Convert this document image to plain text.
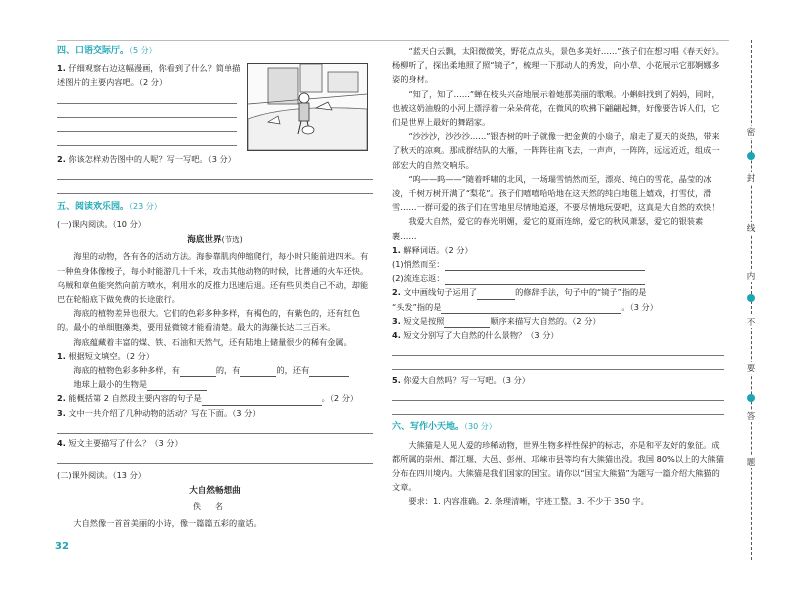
四、口语交际厅。（5 分）

1. 仔细观察右边这幅漫画，你看到了什么？简单描述图片的主要内容吧。（2 分）

2. 你该怎样劝告图中的人呢？写一写吧。（3 分）

五、阅读欢乐园。（23 分）

(一)课内阅读。（10 分）

海底世界(节选)

海里的动物，各有各的活动方法。海参靠肌肉伸缩爬行，每小时只能前进四米。有一种鱼身体像梭子，每小时能游几十千米，攻击其他动物的时候，比普通的火车还快。乌贼和章鱼能突然向前方喷水，利用水的反推力迅速后退。还有些贝类自己不动，却能巴在轮船底下做免费的长途旅行。

海底的植物差异也很大。它们的色彩多种多样，有褐色的，有紫色的，还有红色的。最小的单细胞藻类，要用显微镜才能看清楚。最大的海藻长达二三百米。

海底蕴藏着丰富的煤、铁、石油和天然气，还有陆地上储量很少的稀有金属。

1. 根据短文填空。（2 分）

海底的植物色彩多种多样，有	的，有	的，还有

地球上最小的生物是

2. 能概括第 2 自然段主要内容的句子是	。（2 分）

3. 文中一共介绍了几种动物的活动？写在下面。（3 分）

4. 短文主要描写了什么？（3 分）

(二)课外阅读。（13 分）

大自然畅想曲
佚名

大自然像一首首美丽的小诗，像一篇篇五彩的童话。

“蓝天白云飘，太阳微微笑，野花点点头，景色多美好……”孩子们在想习唱《春天好》。杨柳听了，探出柔地照了照“镜子”，梳理一下那动人的秀发，向小草、小花展示它那婀娜多姿的身材。

“知了，知了……”蝉在枝头兴奋地展示着她那美丽的歌喉。小蝌蚪找到了妈妈，同时，也被这奶油般的小河上漂浮着一朵朵荷花，在微风的吹拂下翩翩起舞，好像要告诉人们，它们是世界上最好的舞蹈家。

“沙沙沙，沙沙沙……”银杏树的叶子就像一把金黄的小扇子，扇走了夏天的炎热，带来了秋天的凉爽。那成群结队的大雁，一阵阵往南飞去，一声声，一阵阵，远远近近，组成一部宏大的自然交响乐。

“呜——呜——”随着呼啸的北风，一场瑞雪悄然而至，漂亮、纯白的雪花，晶莹的冰凌，千树万树开满了“梨花”。孩子们嘻嘻哈哈地在这天然的纯白地毯上嬉戏，打雪仗，滑雪……一群可爱的孩子们在雪地里尽情地追逐，不要尽情地玩耍吧，这真是大自然的欢快！

我爱大自然，爱它的春光明媚，爱它的夏雨连绵，爱它的秋风萧瑟，爱它的银装素裹……

1. 解释词语。（2 分）

(1)悄然而至：

(2)流连忘返：

2. 文中画线句子运用了	的修辞手法，句子中的“镜子”指的是

“头发”指的是	。（3 分）

3. 短文是按照	顺序来描写大自然的。（2 分）

4. 短文分别写了大自然的什么景物？（3 分）

5. 你爱大自然吗？写一写吧。（3 分）

六、写作小天地。（30 分）

大熊猫是人见人爱的珍稀动物，世界生物多样性保护的标志，亦是和平友好的象征。成都所属的崇州、都江堰、大邑、彭州、邛崃市县等均有大熊猫出没。我国 80%以上的大熊猫分布在四川境内。大熊猫是我们国家的国宝。请你以“国宝大熊猫”为题写一篇介绍大熊猫的文章。

要求：1. 内容准确。2. 条理清晰，字迹工整。3. 不少于 350 字。

密
封
线
内
不
要
答
题
32
